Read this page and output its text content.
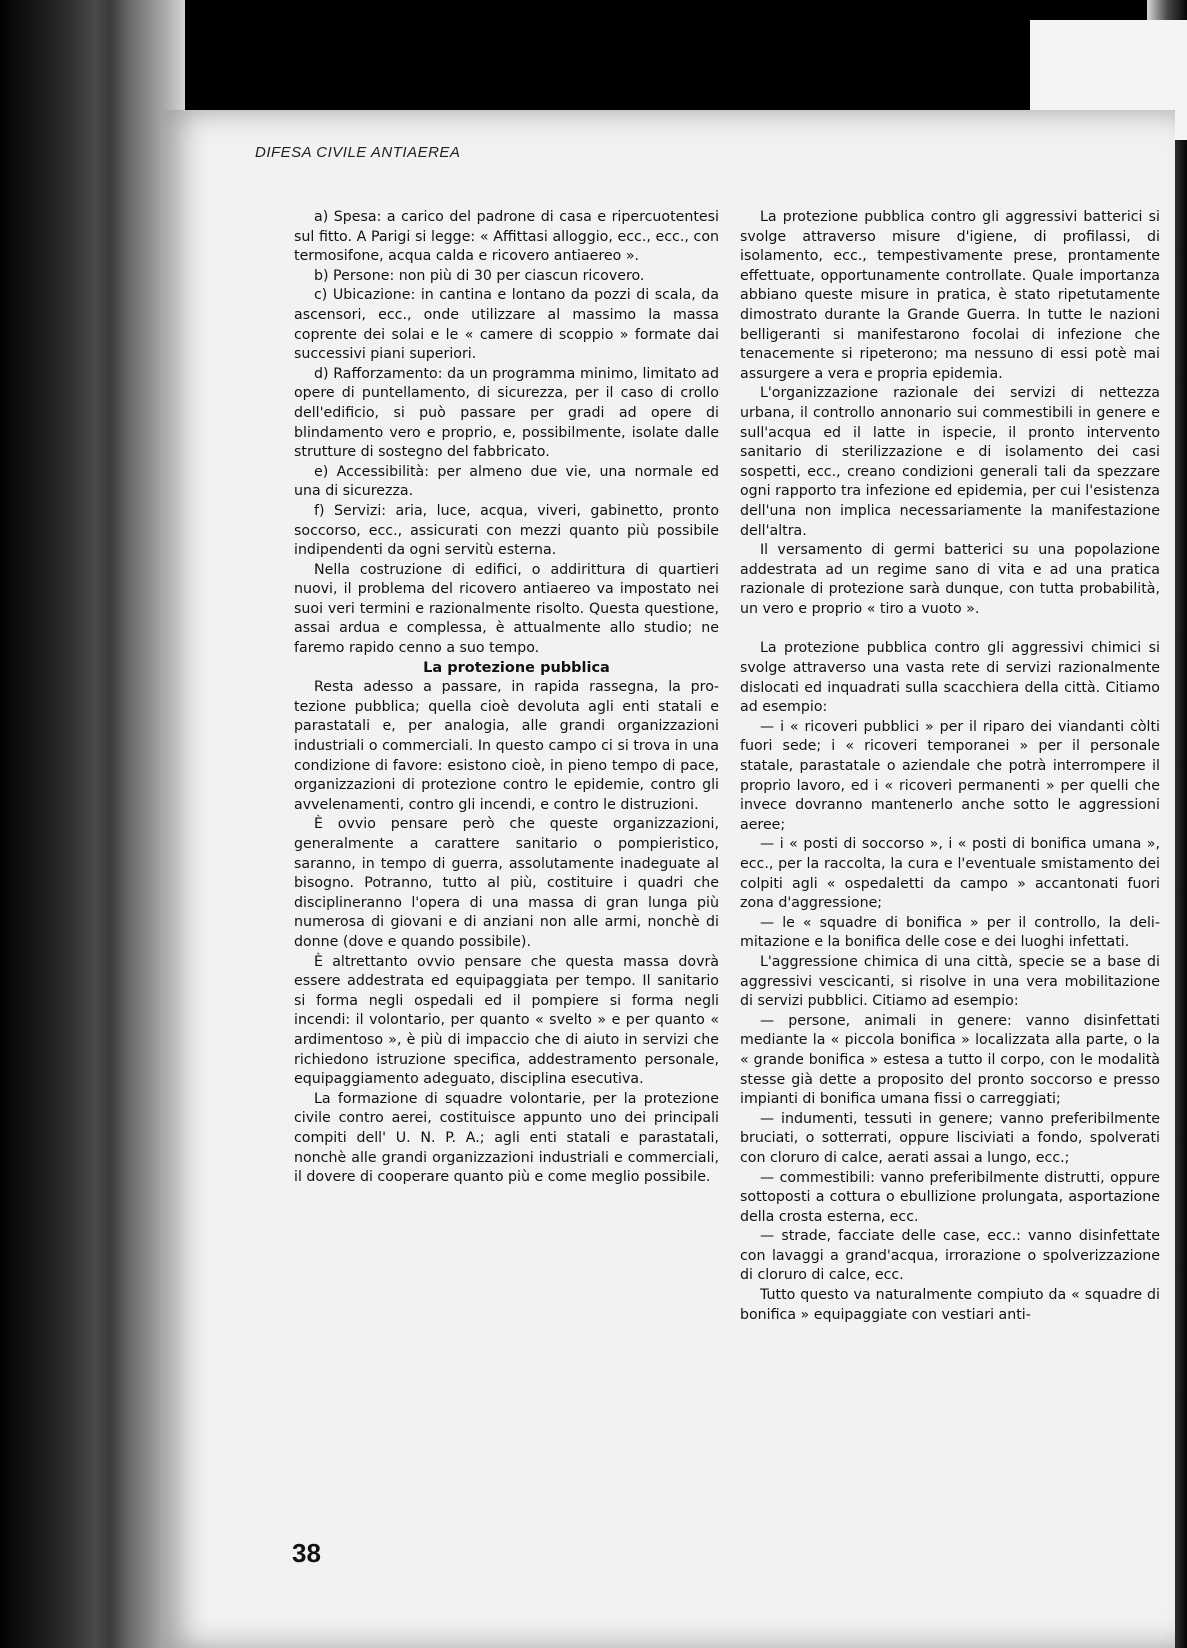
DIFESA CIVILE ANTIAEREA

a) Spesa: a carico del padrone di casa e ripercuotentesi sul fitto. A Parigi si legge: « Affittasi alloggio, ecc., ecc., con termosifone, acqua calda e ricovero antiaereo ».

b) Persone: non più di 30 per ciascun ricovero.

c) Ubicazione: in cantina e lontano da pozzi di scala, da ascensori, ecc., onde utilizzare al massimo la massa coprente dei solai e le « camere di scoppio » formate dai successivi piani superiori.

d) Rafforzamento: da un programma minimo, limitato ad opere di puntellamento, di sicurezza, per il caso di crollo dell'edificio, si può passare per gradi ad opere di blindamento vero e proprio, e, possibilmente, isolate dalle strutture di sostegno del fabbricato.

e) Accessibilità: per almeno due vie, una normale ed una di sicurezza.

f) Servizi: aria, luce, acqua, viveri, gabinetto, pronto soccorso, ecc., assicurati con mezzi quanto più possibile indipendenti da ogni servitù esterna.

Nella costruzione di edifici, o addirittura di quartieri nuovi, il problema del ricovero antiaereo va impostato nei suoi veri termini e razionalmente risolto. Questa questione, assai ardua e complessa, è attualmente allo studio; ne faremo rapido cenno a suo tempo.

La protezione pubblica

Resta adesso a passare, in rapida rassegna, la protezione pubblica; quella cioè devoluta agli enti statali e parastatali e, per analogia, alle grandi organizzazioni industriali o commerciali. In questo campo ci si trova in una condizione di favore: esistono cioè, in pieno tempo di pace, organizzazioni di protezione contro le epidemie, contro gli avvelenamenti, contro gli incendi, e contro le distruzioni.

È ovvio pensare però che queste organizzazioni, generalmente a carattere sanitario o pompieristico, saranno, in tempo di guerra, assolutamente inadeguate al bisogno. Potranno, tutto al più, costituire i quadri che disciplineranno l'opera di una massa di gran lunga più numerosa di giovani e di anziani non alle armi, nonchè di donne (dove e quando possibile).

È altrettanto ovvio pensare che questa massa dovrà essere addestrata ed equipaggiata per tempo. Il sanitario si forma negli ospedali ed il pompiere si forma negli incendi: il volontario, per quanto « svelto » e per quanto « ardimentoso », è più di impaccio che di aiuto in servizi che richiedono istruzione specifica, addestramento personale, equipaggiamento adeguato, disciplina esecutiva.

La formazione di squadre volontarie, per la protezione civile contro aerei, costituisce appunto uno dei principali compiti dell' U. N. P. A.; agli enti statali e parastatali, nonchè alle grandi organizzazioni industriali e commerciali, il dovere di cooperare quanto più e come meglio possibile.

La protezione pubblica contro gli aggressivi batterici si svolge attraverso misure d'igiene, di profilassi, di isolamento, ecc., tempestivamente prese, prontamente effettuate, opportunamente controllate. Quale importanza abbiano queste misure in pratica, è stato ripetutamente dimostrato durante la Grande Guerra. In tutte le nazioni belligeranti si manifestarono focolai di infezione che tenacemente si ripeterono; ma nessuno di essi potè mai assurgere a vera e propria epidemia.

L'organizzazione razionale dei servizi di nettezza urbana, il controllo annonario sui commestibili in genere e sull'acqua ed il latte in ispecie, il pronto intervento sanitario di sterilizzazione e di isolamento dei casi sospetti, ecc., creano condizioni generali tali da spezzare ogni rapporto tra infezione ed epidemia, per cui l'esistenza dell'una non implica necessariamente la manifestazione dell'altra.

Il versamento di germi batterici su una popolazione addestrata ad un regime sano di vita e ad una pratica razionale di protezione sarà dunque, con tutta probabilità, un vero e proprio « tiro a vuoto ».

La protezione pubblica contro gli aggressivi chimici si svolge attraverso una vasta rete di servizi razionalmente dislocati ed inquadrati sulla scacchiera della città. Citiamo ad esempio:

— i « ricoveri pubblici » per il riparo dei viandanti còlti fuori sede; i « ricoveri temporanei » per il personale statale, parastatale o aziendale che potrà interrompere il proprio lavoro, ed i « ricoveri permanenti » per quelli che invece dovranno mantenerlo anche sotto le aggressioni aeree;

— i « posti di soccorso », i « posti di bonifica umana », ecc., per la raccolta, la cura e l'eventuale smistamento dei colpiti agli « ospedaletti da campo » accantonati fuori zona d'aggressione;

— le « squadre di bonifica » per il controllo, la delimitazione e la bonifica delle cose e dei luoghi infettati.

L'aggressione chimica di una città, specie se a base di aggressivi vescicanti, si risolve in una vera mobilitazione di servizi pubblici. Citiamo ad esempio:

— persone, animali in genere: vanno disinfettati mediante la « piccola bonifica » localizzata alla parte, o la « grande bonifica » estesa a tutto il corpo, con le modalità stesse già dette a proposito del pronto soccorso e presso impianti di bonifica umana fissi o carreggiati;

— indumenti, tessuti in genere; vanno preferibilmente bruciati, o sotterrati, oppure lisciviati a fondo, spolverati con cloruro di calce, aerati assai a lungo, ecc.;

— commestibili: vanno preferibilmente distrutti, oppure sottoposti a cottura o ebullizione prolungata, asportazione della crosta esterna, ecc.

— strade, facciate delle case, ecc.: vanno disinfettate con lavaggi a grand'acqua, irrorazione o spolverizzazione di cloruro di calce, ecc.

Tutto questo va naturalmente compiuto da « squadre di bonifica » equipaggiate con vestiari anti-

38
